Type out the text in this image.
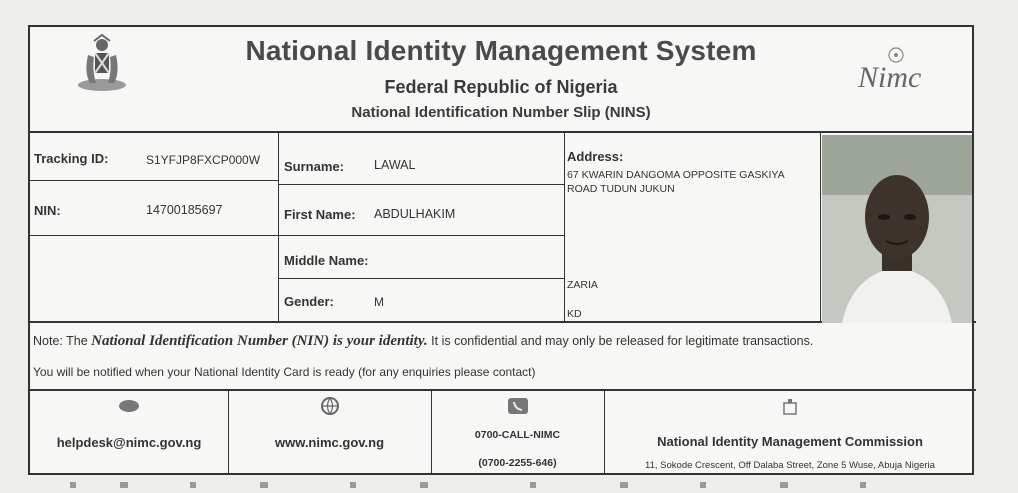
National Identity Management System
Federal Republic of Nigeria
National Identification Number Slip (NINS)
Nimc
Tracking ID:	S1YFJP8FXCP000W
NIN:	14700185697
Surname: LAWAL
First Name: ABDULHAKIM
Middle Name:
Gender:	M
Address:
67 KWARIN DANGOMA OPPOSITE GASKIYA
ROAD TUDUN JUKUN
ZARIA
KD
Note: The National Identification Number (NIN) is your identity. It is confidential and may only be released for legitimate transactions.
You will be notified when your National Identity Card is ready (for any enquiries please contact)
helpdesk@nimc.gov.ng	www.nimc.gov.ng	0700-CALL-NIMC
(0700-2255-646)
National Identity Management Commission
11, Sokode Crescent, Off Dalaba Street, Zone 5 Wuse, Abuja Nigeria
